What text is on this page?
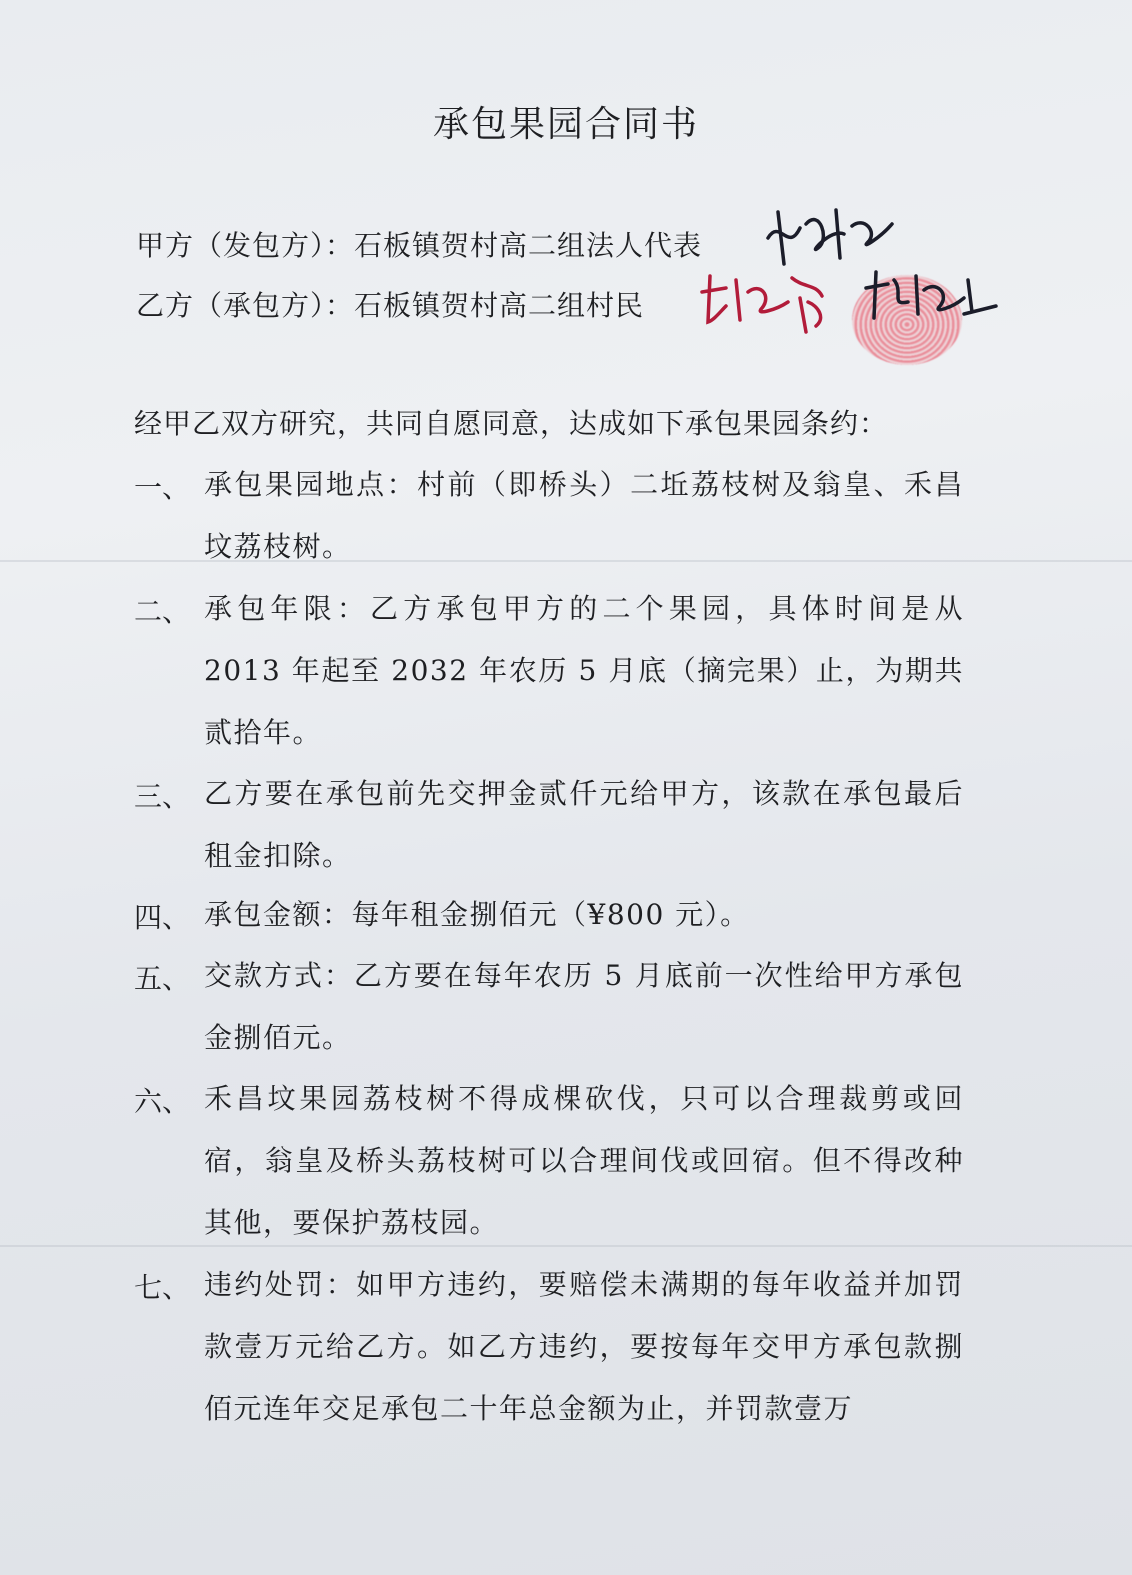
承包果园合同书
甲方（发包方）：石板镇贺村高二组法人代表
乙方（承包方）：石板镇贺村高二组村民
经甲乙双方研究，共同自愿同意，达成如下承包果园条约：
一、 承包果园地点：村前（即桥头）二坵荔枝树及翁皇、禾昌坟荔枝树。
二、 承包年限：乙方承包甲方的二个果园，具体时间是从 2013 年起至 2032 年农历 5 月底（摘完果）止，为期共贰拾年。
三、 乙方要在承包前先交押金贰仟元给甲方，该款在承包最后租金扣除。
四、 承包金额：每年租金捌佰元（¥800 元）。
五、 交款方式：乙方要在每年农历 5 月底前一次性给甲方承包金捌佰元。
六、 禾昌坟果园荔枝树不得成棵砍伐，只可以合理裁剪或回宿，翁皇及桥头荔枝树可以合理间伐或回宿。但不得改种其他，要保护荔枝园。
七、 违约处罚：如甲方违约，要赔偿未满期的每年收益并加罚款壹万元给乙方。如乙方违约，要按每年交甲方承包款捌佰元连年交足承包二十年总金额为止，并罚款壹万
